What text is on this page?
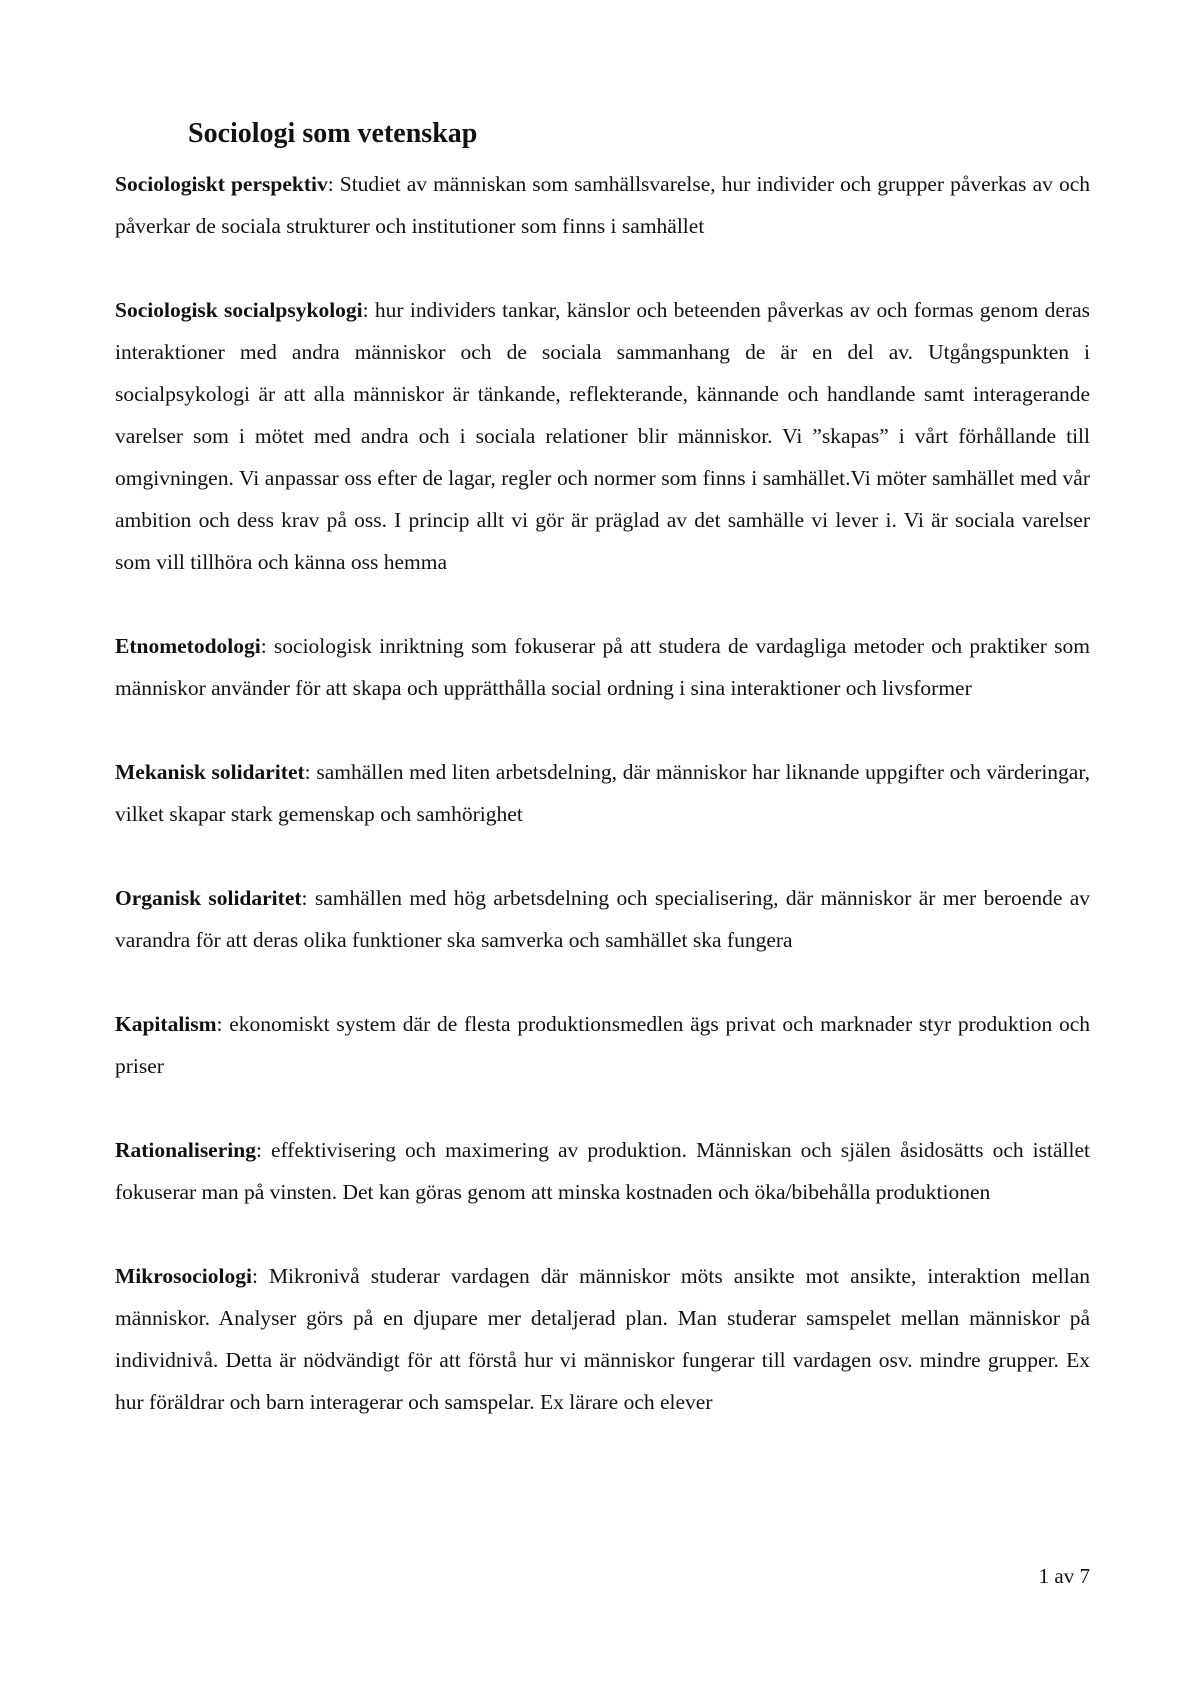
Sociologi som vetenskap

Sociologiskt perspektiv: Studiet av människan som samhällsvarelse, hur individer och grupper påverkas av och påverkar de sociala strukturer och institutioner som finns i samhället

Sociologisk socialpsykologi: hur individers tankar, känslor och beteenden påverkas av och formas genom deras interaktioner med andra människor och de sociala sammanhang de är en del av. Utgångspunkten i socialpsykologi är att alla människor är tänkande, reflekterande, kännande och handlande samt interagerande varelser som i mötet med andra och i sociala relationer blir människor. Vi ”skapas” i vårt förhållande till omgivningen. Vi anpassar oss efter de lagar, regler och normer som finns i samhället.Vi möter samhället med vår ambition och dess krav på oss. I princip allt vi gör är präglad av det samhälle vi lever i. Vi är sociala varelser som vill tillhöra och känna oss hemma

Etnometodologi: sociologisk inriktning som fokuserar på att studera de vardagliga metoder och praktiker som människor använder för att skapa och upprätthålla social ordning i sina interaktioner och livsformer

Mekanisk solidaritet: samhällen med liten arbetsdelning, där människor har liknande uppgifter och värderingar, vilket skapar stark gemenskap och samhörighet

Organisk solidaritet: samhällen med hög arbetsdelning och specialisering, där människor är mer beroende av varandra för att deras olika funktioner ska samverka och samhället ska fungera

Kapitalism: ekonomiskt system där de flesta produktionsmedlen ägs privat och marknader styr produktion och priser

Rationalisering: effektivisering och maximering av produktion. Människan och själen åsidosätts och istället fokuserar man på vinsten. Det kan göras genom att minska kostnaden och öka/bibehålla produktionen

Mikrosociologi: Mikronivå studerar vardagen där människor möts ansikte mot ansikte, interaktion mellan människor. Analyser görs på en djupare mer detaljerad plan. Man studerar samspelet mellan människor på individnivå. Detta är nödvändigt för att förstå hur vi människor fungerar till vardagen osv. mindre grupper. Ex hur föräldrar och barn interagerar och samspelar. Ex lärare och elever

1 av 7
